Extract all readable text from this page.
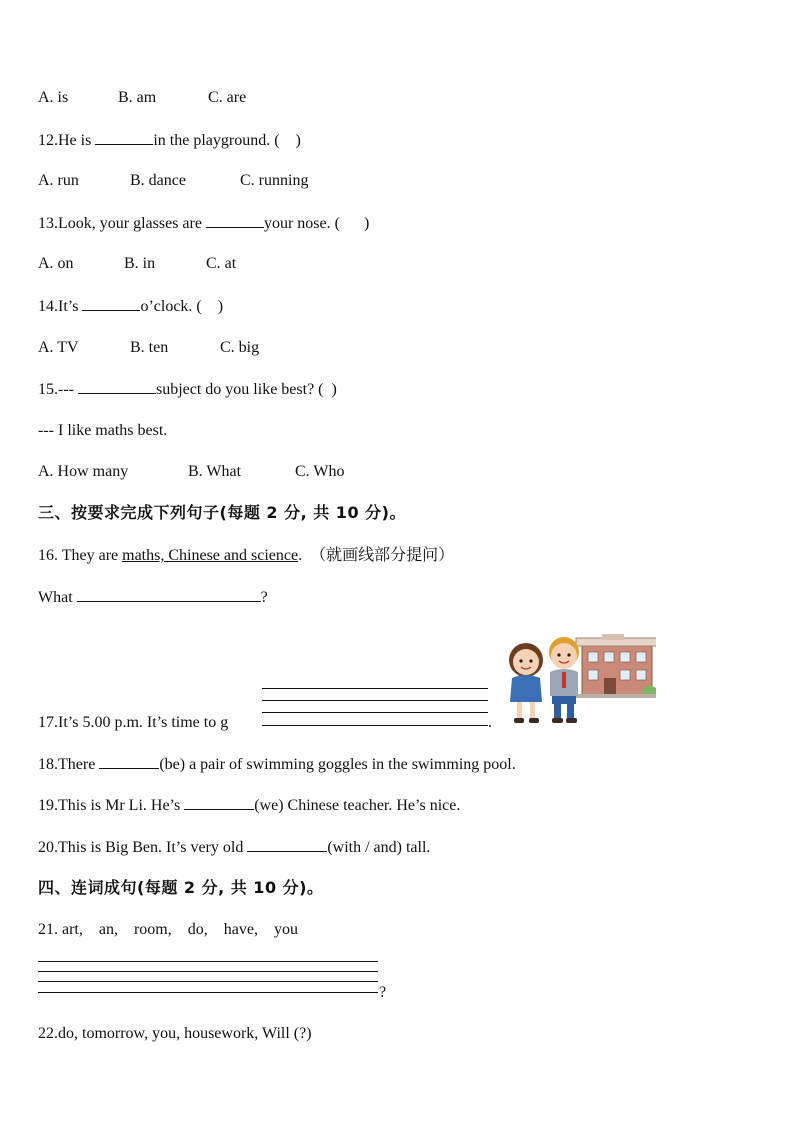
A. is	B. am	C. are
12.He is	in the playground. (  )
A. run	B. dance	C. running
13.Look, your glasses are	your nose. (   )
A. on	B. in	C. at
14.It’s	o’clock. (  )
A. TV	B. ten	C. big
15.---	subject do you like best? (  )
--- I like maths best.
A. How many	B. What	C. Who
三、按要求完成下列句子(每题 2 分, 共 10 分)。
16. They are maths, Chinese and science.  （就画线部分提问）
What	?
17.It’s 5.00 p.m. It’s time to g	.
18.There	(be) a pair of swimming goggles in the swimming pool.
19.This is Mr Li. He’s	(we) Chinese teacher. He’s nice.
20.This is Big Ben. It’s very old	(with / and) tall.
四、连词成句(每题 2 分, 共 10 分)。
21. art,    an,    room,    do,    have,    you
?
22.do, tomorrow, you, housework, Will (?)
